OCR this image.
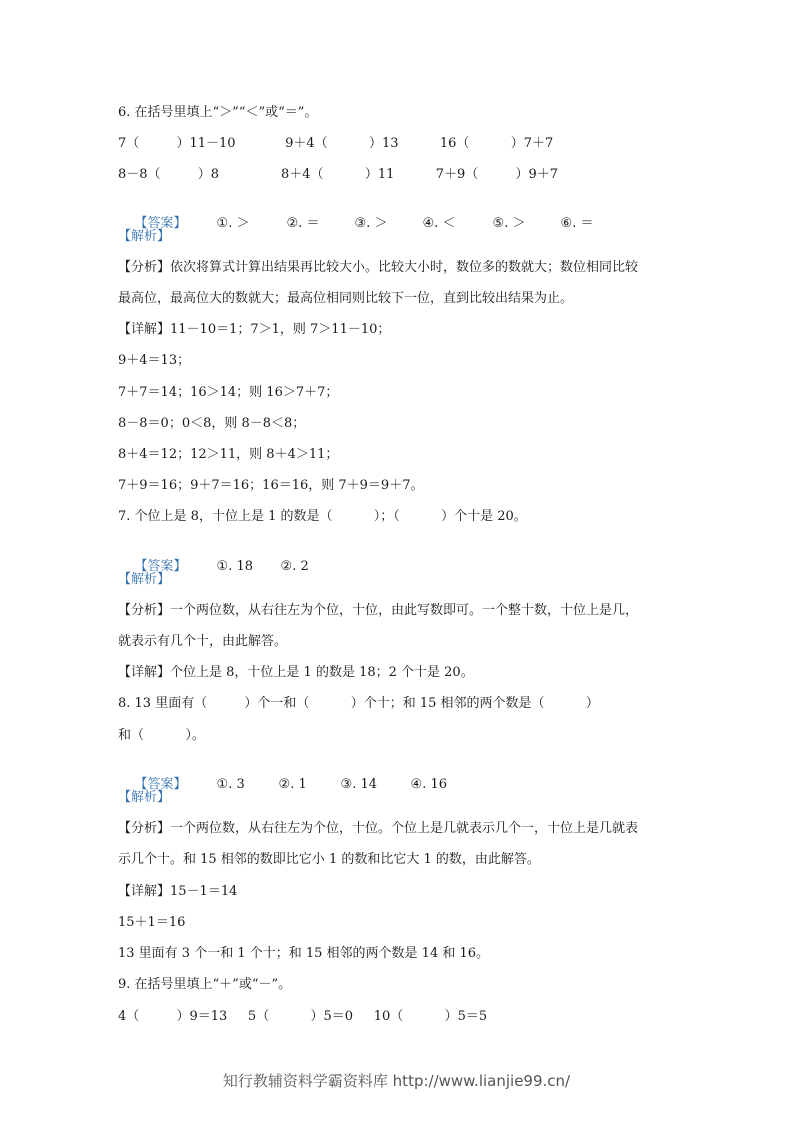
6. 在括号里填上“＞”“＜”或“＝”。
7（         ）11－10            9＋4（          ）13          16（          ）7＋7
8－8（         ）8               8＋4（          ）11          7＋9（         ）9＋7

【答案】 ①. ＞	②. ＝	③. ＞	④. ＜	⑤. ＞	⑥. ＝

【解析】
【分析】依次将算式计算出结果再比较大小。比较大小时，数位多的数就大；数位相同比较
最高位，最高位大的数就大；最高位相同则比较下一位，直到比较出结果为止。
【详解】11－10＝1；7＞1，则 7＞11－10；
9＋4＝13；
7＋7＝14；16＞14；则 16＞7＋7；
8－8＝0；0＜8，则 8－8＜8；
8＋4＝12；12＞11，则 8＋4＞11；
7＋9＝16；9＋7＝16；16＝16，则 7＋9＝9＋7。
7. 个位上是 8，十位上是 1 的数是（          ）；（          ）个十是 20。

【答案】 ①. 18 ②. 2

【解析】
【分析】一个两位数，从右往左为个位，十位，由此写数即可。一个整十数，十位上是几，
就表示有几个十，由此解答。
【详解】个位上是 8，十位上是 1 的数是 18；2 个十是 20。
8. 13 里面有（         ）个一和（          ）个十；和 15 相邻的两个数是（          ）
和（          ）。

【答案】 ①. 3	②. 1	③. 14	④. 16

【解析】
【分析】一个两位数，从右往左为个位，十位。个位上是几就表示几个一，十位上是几就表
示几个十。和 15 相邻的数即比它小 1 的数和比它大 1 的数，由此解答。
【详解】15－1＝14
15＋1＝16
13 里面有 3 个一和 1 个十；和 15 相邻的两个数是 14 和 16。
9. 在括号里填上“＋”或“－”。
4（         ）9＝13     5（          ）5＝0     10（          ）5＝5
知行教辅资料学霸资料库 http://www.lianjie99.cn/
